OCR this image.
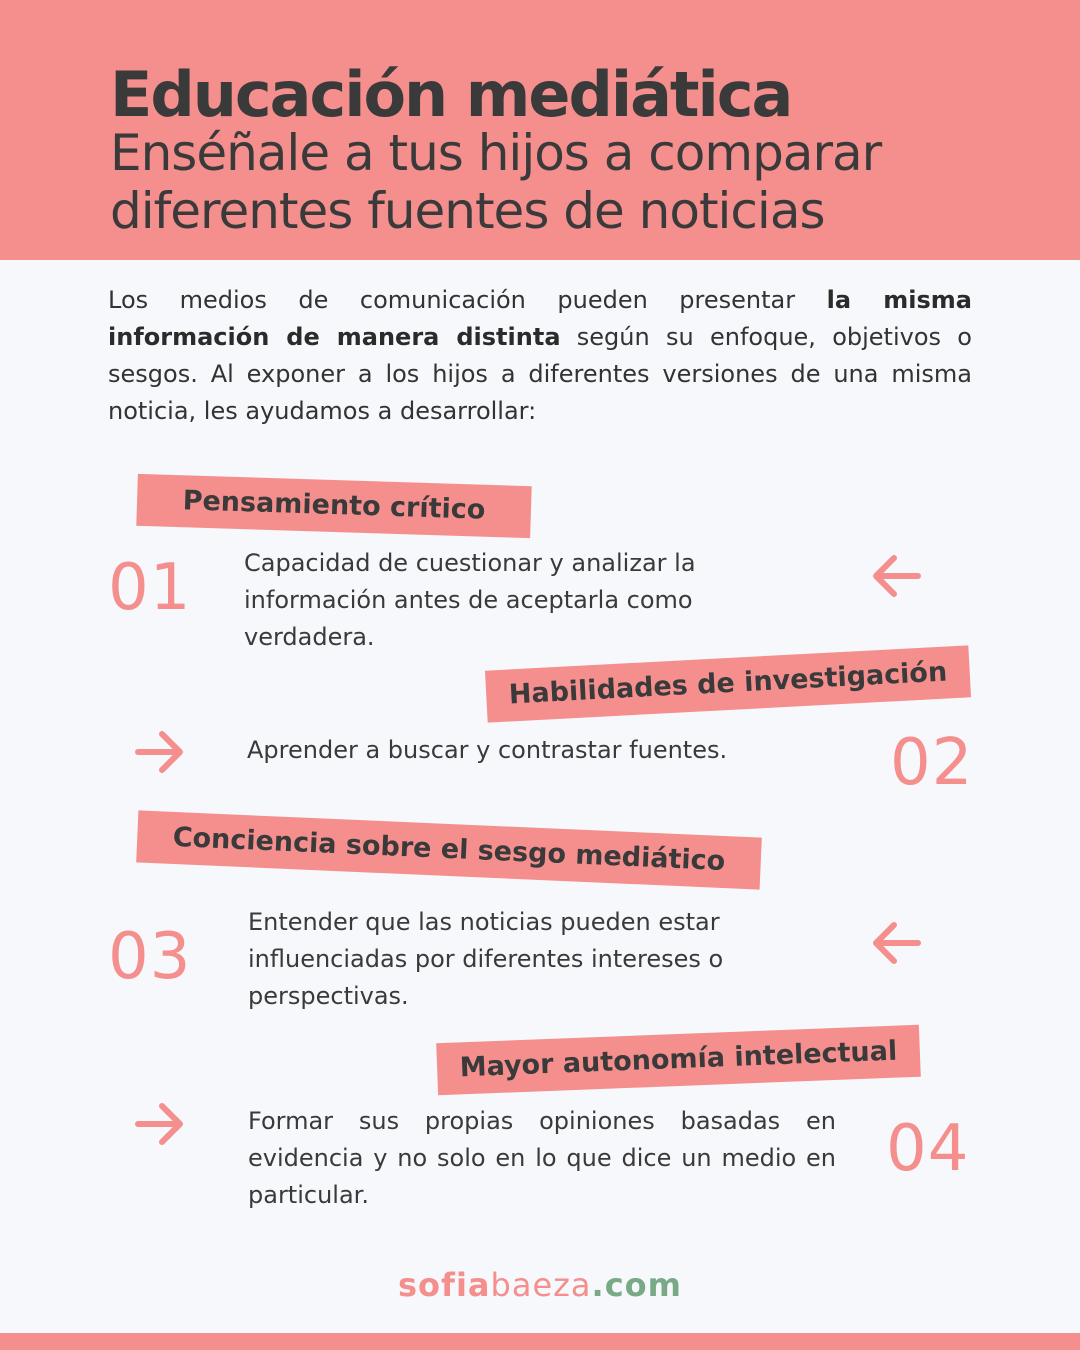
Educación mediática
Enséñale a tus hijos a comparar diferentes fuentes de noticias

Los medios de comunicación pueden presentar la misma información de manera distinta según su enfoque, objetivos o sesgos. Al exponer a los hijos a diferentes versiones de una misma noticia, les ayudamos a desarrollar:

Pensamiento crítico
01 Capacidad de cuestionar y analizar la información antes de aceptarla como verdadera.

Habilidades de investigación

Aprender a buscar y contrastar fuentes.	02
Conciencia sobre el sesgo mediático
03 Entender que las noticias pueden estar influenciadas por diferentes intereses o perspectivas.

Mayor autonomía intelectual

Formar sus propias opiniones basadas en evidencia y no solo en lo que dice un medio en particular.

04
sofiabaeza.com
